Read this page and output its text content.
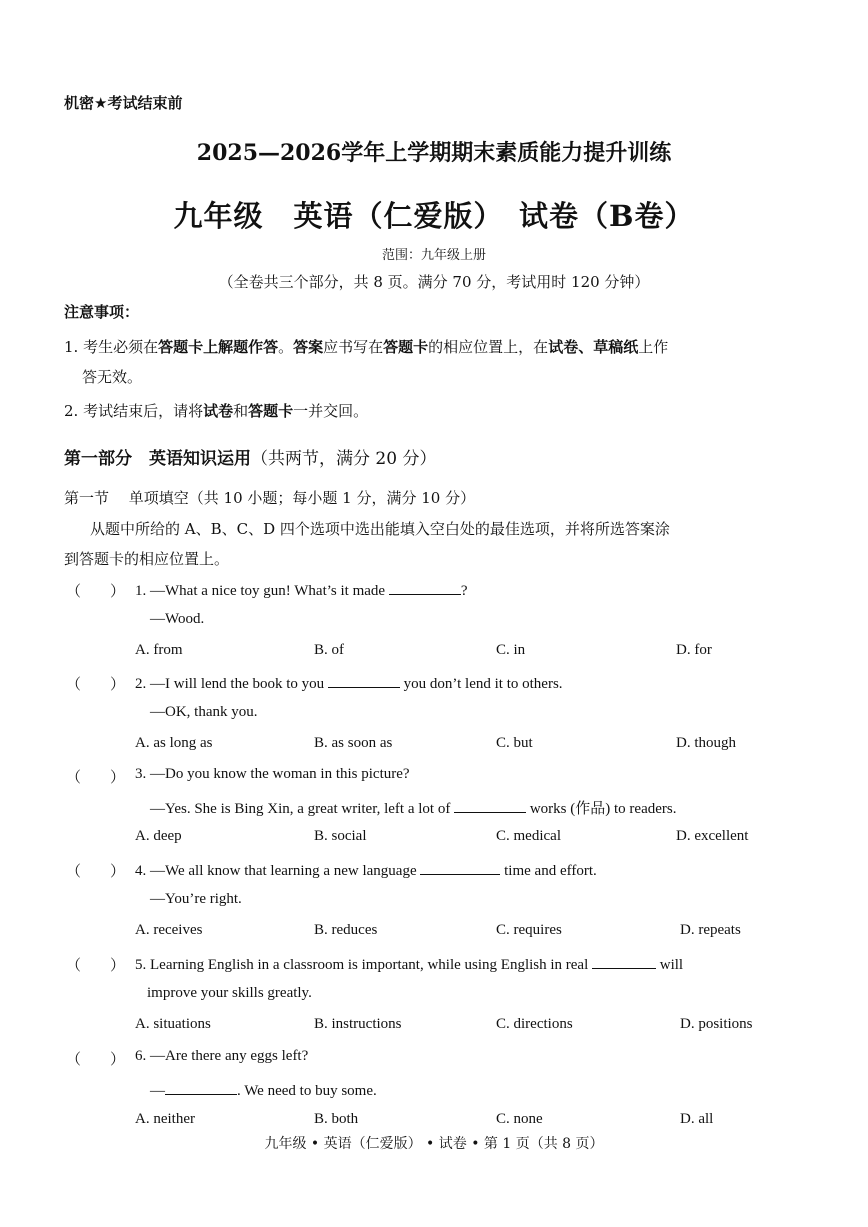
机密★考试结束前
2025—2026学年上学期期末素质能力提升训练
九年级　英语（仁爱版）　试卷（B卷）
范围：九年级上册
（全卷共三个部分，共 8 页。满分 70 分，考试用时 120 分钟）
注意事项：
1. 考生必须在答题卡上解题作答。答案应书写在答题卡的相应位置上，在试卷、草稿纸上作
答无效。
2. 考试结束后，请将试卷和答题卡一并交回。
第一部分　英语知识运用（共两节，满分 20 分）
第一节　 单项填空（共 10 小题；每小题 1 分，满分 10 分）
从题中所给的 A、B、C、D 四个选项中选出能填入空白处的最佳选项，并将所选答案涂
到答题卡的相应位置上。
（ ） 1. —What a nice toy gun! What’s it made	?
—Wood.
A. from	B. of	C. in	D. for
（ ） 2. —I will lend the book to you	you don’t lend it to others.
—OK, thank you.
A. as long as	B. as soon as	C. but	D. though
（ ） 3. —Do you know the woman in this picture?
—Yes. She is Bing Xin, a great writer, left a lot of	works (作品) to readers.
A. deep	B. social	C. medical	D. excellent
（ ） 4. —We all know that learning a new language	time and effort.
—You’re right.
A. receives	B. reduces	C. requires	D. repeats
（ ） 5. Learning English in a classroom is important, while using English in real	will
improve your skills greatly.
A. situations	B. instructions	C. directions	D. positions
（ ） 6. —Are there any eggs left?
—	. We need to buy some.
A. neither	B. both	C. none	D. all
九年级 • 英语（仁爱版） • 试卷 • 第 1 页（共 8 页）
